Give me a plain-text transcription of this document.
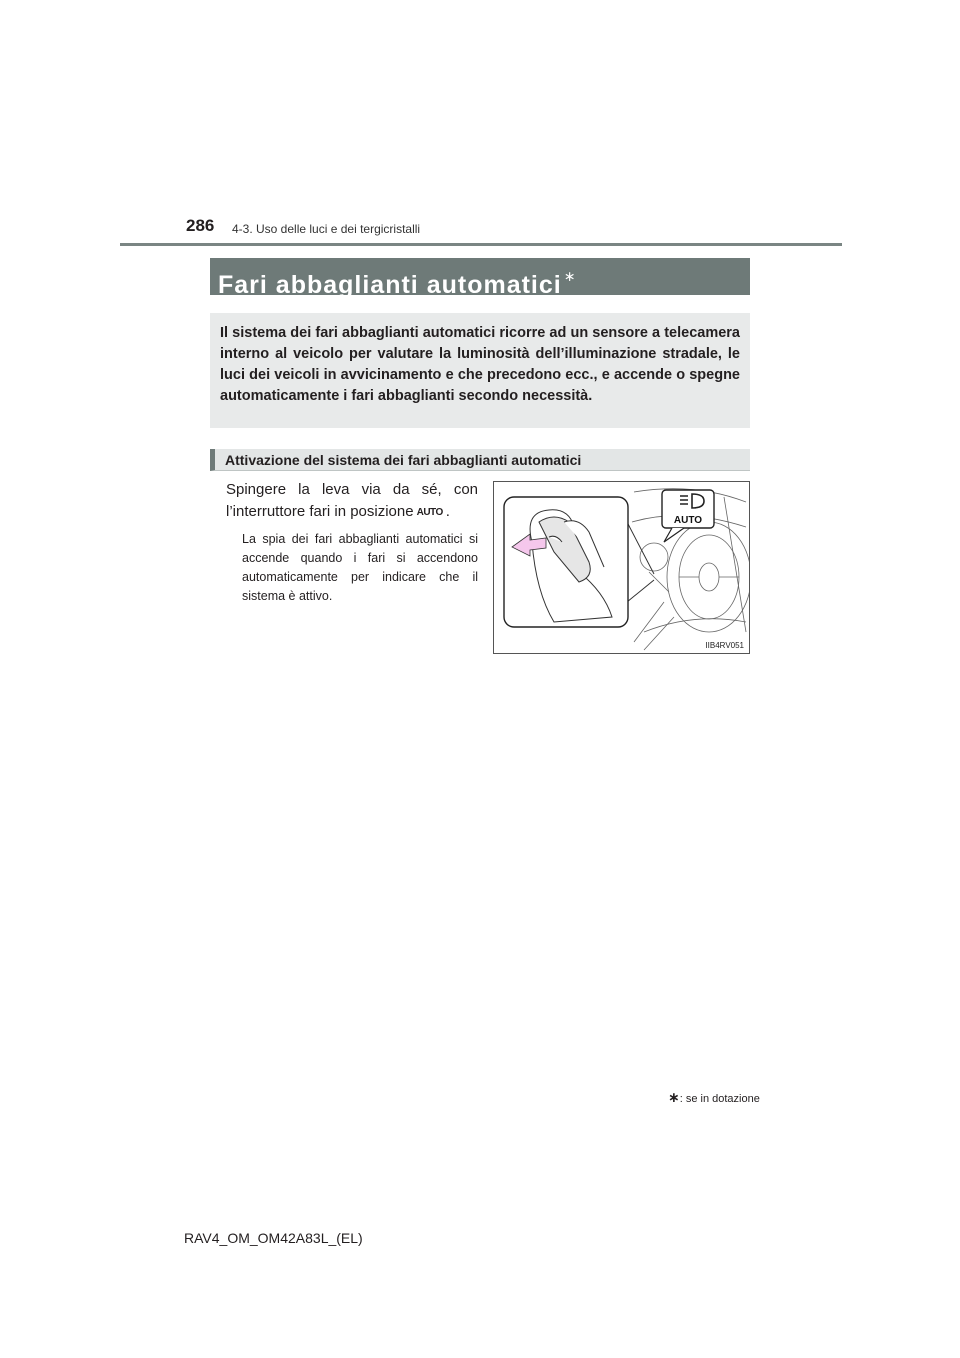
286 4-3. Uso delle luci e dei tergicristalli
Fari abbaglianti automatici ∗
Il sistema dei fari abbaglianti automatici ricorre ad un sensore a telecamera interno al veicolo per valutare la luminosità dell’illuminazione stradale, le luci dei veicoli in avvicinamento e che precedono ecc., e accende o spegne automaticamente i fari abbaglianti secondo necessità.
Attivazione del sistema dei fari abbaglianti automatici
Spingere la leva via da sé, con l’interruttore fari in posizione AUTO .
La spia dei fari abbaglianti automatici si accende quando i fari si accendono automaticamente per indicare che il sistema è attivo.
AUTO
IIB4RV051
∗: se in dotazione
RAV4_OM_OM42A83L_(EL)
